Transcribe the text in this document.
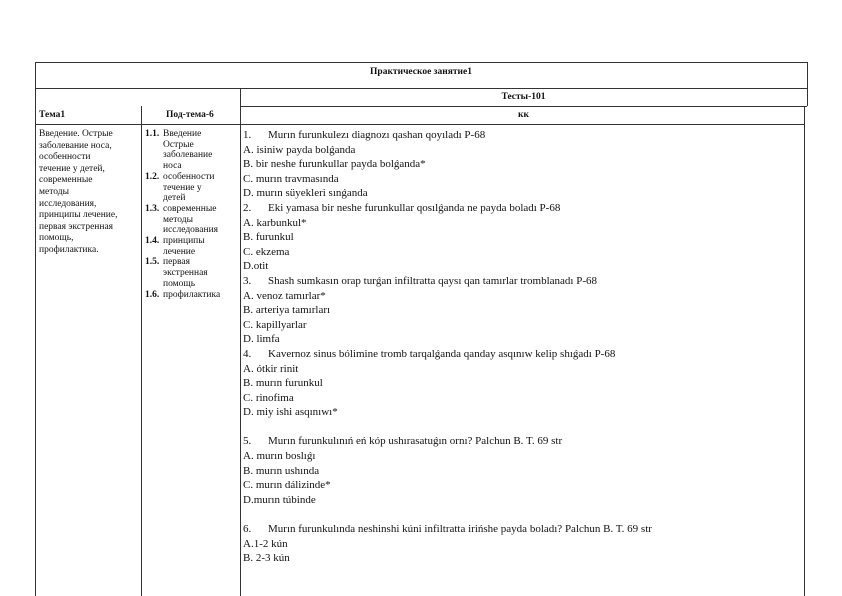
Практическое занятие1
Тесты-101
Тема1	Под-тема-6	кк
Введение. Острые
заболевание носа,
особенности
течение у детей,
современные
методы
исследования,
принципы лечение,
первая экстренная
помощь,
профилактика.
1.1. Введение
Острые
заболевание
носа
1.2. особенности
течение у
детей
1.3. современные
методы
исследования
1.4. принципы
лечение
1.5. первая
экстренная
помощь
1.6. профилактика
1. Murın furunkulezı diagnozı qashan qoyıladı P-68
A. isiniw payda bolǵanda
B. bir neshe furunkullar payda bolǵanda*
C. murın travmasında
D. murın süyekleri sınǵanda
2. Eki yamasa bir neshe furunkullar qosılǵanda ne payda boladı P-68
A. karbunkul*
B. furunkul
C. ekzema
D.otit
3. Shash sumkasın orap turǵan infiltratta qaysı qan tamırlar tromblanadı P-68
A. venoz tamırlar*
B. arteriya tamırları
C. kapillyarlar
D. limfa
4. Kavernoz sinus bólimine tromb tarqalǵanda qanday asqınıw kelip shıǵadı P-68
A. ótkir rinit
B. murın furunkul
C. rinofima
D. miy ishi asqınıwı*
5. Murın furunkulınıń eń kóp ushırasatuǵın ornı? Palchun B. T. 69 str
A. murın boslıǵı
B. murın ushında
C. murın dálizinde*
D.murın túbinde
6. Murın furunkulında neshinshi kúni infiltratta irińshe payda boladı? Palchun B. T. 69 str
A.1-2 kún
B. 2-3 kún
